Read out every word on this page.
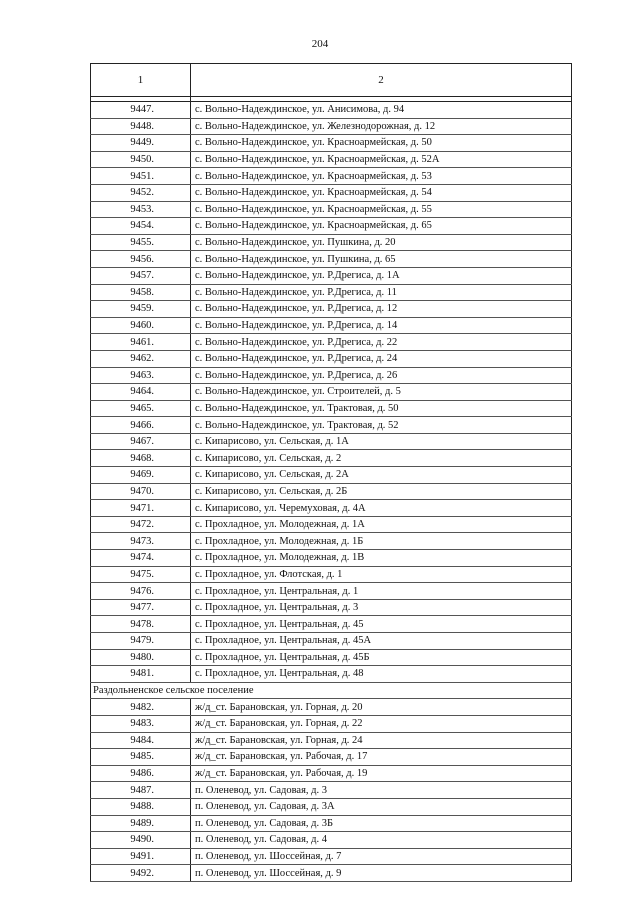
204
1	2

9447.	с. Вольно-Надеждинское, ул. Анисимова, д. 94
9448.	с. Вольно-Надеждинское, ул. Железнодорожная, д. 12
9449.	с. Вольно-Надеждинское, ул. Красноармейская, д. 50
9450.	с. Вольно-Надеждинское, ул. Красноармейская, д. 52А
9451.	с. Вольно-Надеждинское, ул. Красноармейская, д. 53
9452.	с. Вольно-Надеждинское, ул. Красноармейская, д. 54
9453.	с. Вольно-Надеждинское, ул. Красноармейская, д. 55
9454.	с. Вольно-Надеждинское, ул. Красноармейская, д. 65
9455.	с. Вольно-Надеждинское, ул. Пушкина, д. 20
9456.	с. Вольно-Надеждинское, ул. Пушкина, д. 65
9457.	с. Вольно-Надеждинское, ул. Р.Дрегиса, д. 1А
9458.	с. Вольно-Надеждинское, ул. Р.Дрегиса, д. 11
9459.	с. Вольно-Надеждинское, ул. Р.Дрегиса, д. 12
9460.	с. Вольно-Надеждинское, ул. Р.Дрегиса, д. 14
9461.	с. Вольно-Надеждинское, ул. Р.Дрегиса, д. 22
9462.	с. Вольно-Надеждинское, ул. Р.Дрегиса, д. 24
9463.	с. Вольно-Надеждинское, ул. Р.Дрегиса, д. 26
9464.	с. Вольно-Надеждинское, ул. Строителей, д. 5
9465.	с. Вольно-Надеждинское, ул. Трактовая, д. 50
9466.	с. Вольно-Надеждинское, ул. Трактовая, д. 52
9467.	с. Кипарисово, ул. Сельская, д. 1А
9468.	с. Кипарисово, ул. Сельская, д. 2
9469.	с. Кипарисово, ул. Сельская, д. 2А
9470.	с. Кипарисово, ул. Сельская, д. 2Б
9471.	с. Кипарисово, ул. Черемуховая, д. 4А
9472.	с. Прохладное, ул. Молодежная, д. 1А
9473.	с. Прохладное, ул. Молодежная, д. 1Б
9474.	с. Прохладное, ул. Молодежная, д. 1В
9475.	с. Прохладное, ул. Флотская, д. 1
9476.	с. Прохладное, ул. Центральная, д. 1
9477.	с. Прохладное, ул. Центральная, д. 3
9478.	с. Прохладное, ул. Центральная, д. 45
9479.	с. Прохладное, ул. Центральная, д. 45А
9480.	с. Прохладное, ул. Центральная, д. 45Б
9481.	с. Прохладное, ул. Центральная, д. 48
Раздольненское сельское поселение	
9482.	ж/д_ст. Барановская, ул. Горная, д. 20
9483.	ж/д_ст. Барановская, ул. Горная, д. 22
9484.	ж/д_ст. Барановская, ул. Горная, д. 24
9485.	ж/д_ст. Барановская, ул. Рабочая, д. 17
9486.	ж/д_ст. Барановская, ул. Рабочая, д. 19
9487.	п. Оленевод, ул. Садовая, д. 3
9488.	п. Оленевод, ул. Садовая, д. 3А
9489.	п. Оленевод, ул. Садовая, д. 3Б
9490.	п. Оленевод, ул. Садовая, д. 4
9491.	п. Оленевод, ул. Шоссейная, д. 7
9492.	п. Оленевод, ул. Шоссейная, д. 9
